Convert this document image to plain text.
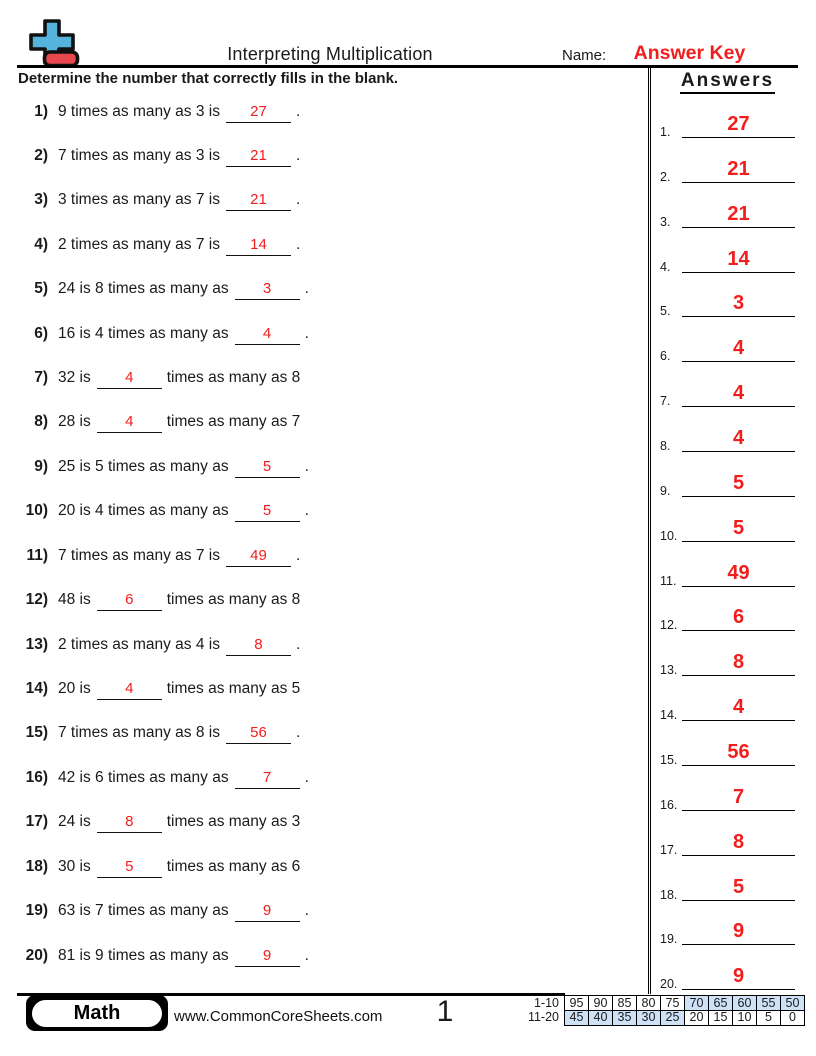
Interpreting Multiplication	Name:	Answer Key
Determine the number that correctly fills in the blank.
1) 9 times as many as 3 is	27	.
2) 7 times as many as 3 is	21	.
3) 3 times as many as 7 is	21	.
4) 2 times as many as 7 is	14	.
5) 24 is 8 times as many as	3	.
6) 16 is 4 times as many as	4	.
7) 32 is	4	times as many as 8
8) 28 is	4	times as many as 7
9) 25 is 5 times as many as	5	.
10) 20 is 4 times as many as	5	.
11) 7 times as many as 7 is	49	.
12) 48 is	6	times as many as 8
13) 2 times as many as 4 is	8	.
14) 20 is	4	times as many as 5
15) 7 times as many as 8 is	56	.
16) 42 is 6 times as many as	7	.
17) 24 is	8	times as many as 3
18) 30 is	5	times as many as 6
19) 63 is 7 times as many as	9	.
20) 81 is 9 times as many as	9	.
Answers
1.	27
2.	21
3.	21
4.	14
5.	3
6.	4
7.	4
8.	4
9.	5
10.	5
11.	49
12.	6
13.	8
14.	4
15.	56
16.	7
17.	8
18.	5
19.	9
20.	9
Math	www.CommonCoreSheets.com	1	1-10	95	90	85	80	75	70	65	60	55	50
11-20	45	40	35	30	25	20	15	10	5	0
